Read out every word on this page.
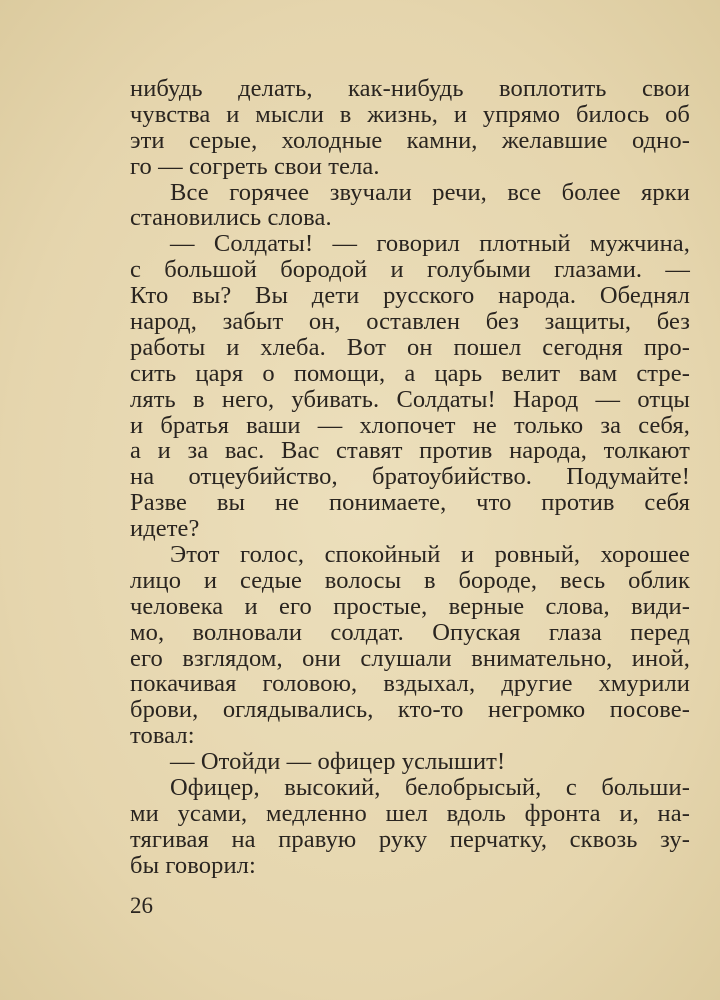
нибудь делать, как-нибудь воплотить свои
чувства и мысли в жизнь, и упрямо билось об
эти серые, холодные камни, желавшие одно-
го — согреть свои тела.
Все горячее звучали речи, все более ярки
становились слова.
— Солдаты! — говорил плотный мужчина,
с большой бородой и голубыми глазами. —
Кто вы? Вы дети русского народа. Обеднял
народ, забыт он, оставлен без защиты, без
работы и хлеба. Вот он пошел сегодня про-
сить царя о помощи, а царь велит вам стре-
лять в него, убивать. Солдаты! Народ — отцы
и братья ваши — хлопочет не только за себя,
а и за вас. Вас ставят против народа, толкают
на отцеубийство, братоубийство. Подумайте!
Разве вы не понимаете, что против себя
идете?
Этот голос, спокойный и ровный, хорошее
лицо и седые волосы в бороде, весь облик
человека и его простые, верные слова, види-
мо, волновали солдат. Опуская глаза перед
его взглядом, они слушали внимательно, иной,
покачивая головою, вздыхал, другие хмурили
брови, оглядывались, кто-то негромко посове-
товал:
— Отойди — офицер услышит!
Офицер, высокий, белобрысый, с больши-
ми усами, медленно шел вдоль фронта и, на-
тягивая на правую руку перчатку, сквозь зу-
бы говорил:
26
